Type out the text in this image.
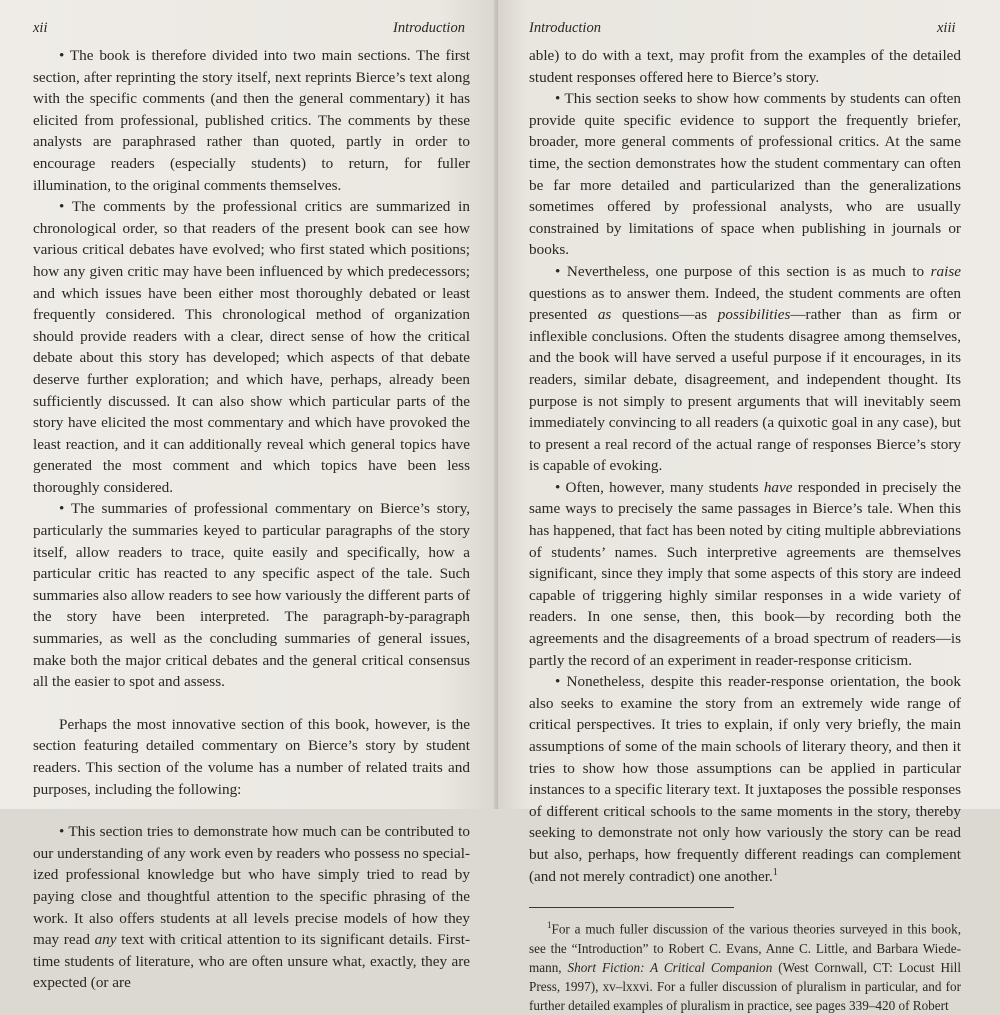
xii	Introduction

• The book is therefore divided into two main sections. The first section, after reprinting the story itself, next reprints Bierce’s text along with the specific comments (and then the general commentary) it has elicited from professional, published critics. The comments by these analysts are paraphrased rather than quoted, partly in order to encourage readers (especially students) to return, for fuller illumination, to the original comments themselves.

• The comments by the professional critics are summarized in chronological order, so that readers of the present book can see how various critical debates have evolved; who first stated which positions; how any given critic may have been influenced by which predecessors; and which issues have been either most thoroughly debated or least frequently considered. This chronological method of organization should provide readers with a clear, direct sense of how the critical debate about this story has developed; which aspects of that debate deserve further exploration; and which have, perhaps, already been sufficiently discussed. It can also show which particular parts of the story have elicited the most commentary and which have provoked the least reaction, and it can additionally reveal which general topics have generated the most comment and which topics have been less thoroughly considered.

• The summaries of professional commentary on Bierce’s story, particularly the summaries keyed to particular paragraphs of the story itself, allow readers to trace, quite easily and specifically, how a particular critic has reacted to any specific aspect of the tale. Such summaries also allow readers to see how variously the different parts of the story have been interpreted. The paragraph-by-paragraph summaries, as well as the concluding summaries of general issues, make both the major critical debates and the general critical consensus all the easier to spot and assess.

Perhaps the most innovative section of this book, however, is the section featuring detailed commentary on Bierce’s story by student readers. This section of the volume has a number of related traits and purposes, including the following:

• This section tries to demonstrate how much can be contributed to our understanding of any work even by readers who possess no specialized professional knowledge but who have simply tried to read by paying close and thoughtful attention to the specific phrasing of the work. It also offers students at all levels precise models of how they may read any text with critical attention to its significant details. First-time students of literature, who are often unsure what, exactly, they are expected (or are

Introduction	xiii

able) to do with a text, may profit from the examples of the detailed student responses offered here to Bierce’s story.

• This section seeks to show how comments by students can often provide quite specific evidence to support the frequently briefer, broader, more general comments of professional critics. At the same time, the section demonstrates how the student commentary can often be far more detailed and particularized than the generalizations sometimes offered by professional analysts, who are usually constrained by limitations of space when publishing in journals or books.

• Nevertheless, one purpose of this section is as much to raise questions as to answer them. Indeed, the student comments are often presented as questions—as possibilities—rather than as firm or inflexible conclusions. Often the students disagree among themselves, and the book will have served a useful purpose if it encourages, in its readers, similar debate, disagreement, and independent thought. Its purpose is not simply to present arguments that will inevitably seem immediately convincing to all readers (a quixotic goal in any case), but to present a real record of the actual range of responses Bierce’s story is capable of evoking.

• Often, however, many students have responded in precisely the same ways to precisely the same passages in Bierce’s tale. When this has happened, that fact has been noted by citing multiple abbreviations of students’ names. Such interpretive agreements are themselves significant, since they imply that some aspects of this story are indeed capable of triggering highly similar responses in a wide variety of readers. In one sense, then, this book—by recording both the agreements and the disagreements of a broad spectrum of readers—is partly the record of an experiment in reader-response criticism.

• Nonetheless, despite this reader-response orientation, the book also seeks to examine the story from an extremely wide range of critical perspectives. It tries to explain, if only very briefly, the main assumptions of some of the main schools of literary theory, and then it tries to show how those assumptions can be applied in particular instances to a specific literary text. It juxtaposes the possible responses of different critical schools to the same moments in the story, thereby seeking to demonstrate not only how variously the story can be read but also, perhaps, how frequently different readings can complement (and not merely contradict) one another.$^1$

$^1$For a much fuller discussion of the various theories surveyed in this book, see the “Introduction” to Robert C. Evans, Anne C. Little, and Barbara Wiedemann, Short Fiction: A Critical Companion (West Cornwall, CT: Locust Hill Press, 1997), xv–lxxvi. For a fuller discussion of pluralism in particular, and for further detailed examples of pluralism in practice, see pages 339–420 of Robert
